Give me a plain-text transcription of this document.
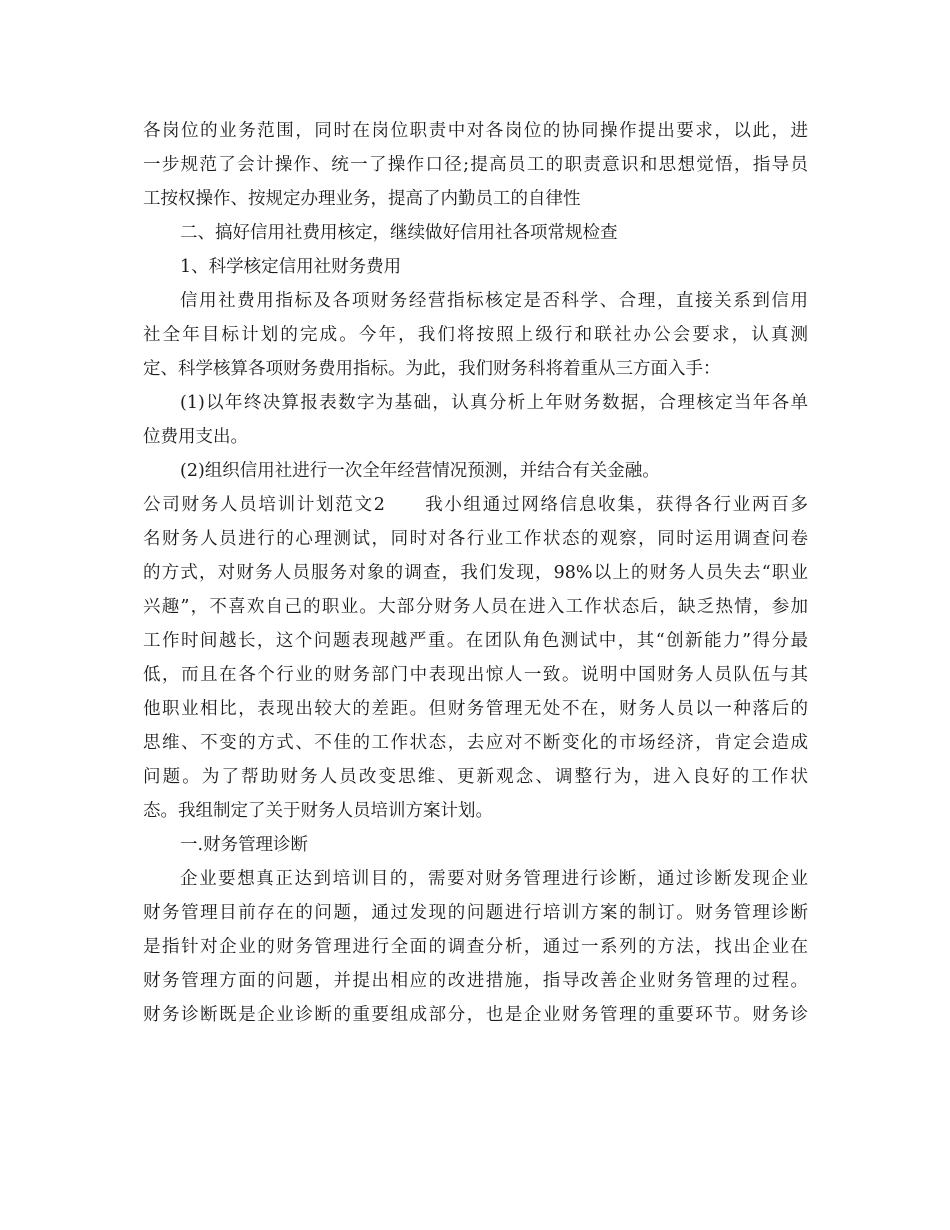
各岗位的业务范围，同时在岗位职责中对各岗位的协同操作提出要求，以此，进
一步规范了会计操作、统一了操作口径;提高员工的职责意识和思想觉悟，指导员
工按权操作、按规定办理业务，提高了内勤员工的自律性
二、搞好信用社费用核定，继续做好信用社各项常规检查
1、科学核定信用社财务费用
信用社费用指标及各项财务经营指标核定是否科学、合理，直接关系到信用
社全年目标计划的完成。今年，我们将按照上级行和联社办公会要求，认真测
定、科学核算各项财务费用指标。为此，我们财务科将着重从三方面入手：
(1)以年终决算报表数字为基础，认真分析上年财务数据，合理核定当年各单
位费用支出。
(2)组织信用社进行一次全年经营情况预测，并结合有关金融。
公司财务人员培训计划范文2　　我小组通过网络信息收集，获得各行业两百多
名财务人员进行的心理测试，同时对各行业工作状态的观察，同时运用调查问卷
的方式，对财务人员服务对象的调查，我们发现，98%以上的财务人员失去“职业
兴趣”，不喜欢自己的职业。大部分财务人员在进入工作状态后，缺乏热情，参加
工作时间越长，这个问题表现越严重。在团队角色测试中，其“创新能力”得分最
低，而且在各个行业的财务部门中表现出惊人一致。说明中国财务人员队伍与其
他职业相比，表现出较大的差距。但财务管理无处不在，财务人员以一种落后的
思维、不变的方式、不佳的工作状态，去应对不断变化的市场经济，肯定会造成
问题。为了帮助财务人员改变思维、更新观念、调整行为，进入良好的工作状
态。我组制定了关于财务人员培训方案计划。
一.财务管理诊断
企业要想真正达到培训目的，需要对财务管理进行诊断，通过诊断发现企业
财务管理目前存在的问题，通过发现的问题进行培训方案的制订。财务管理诊断
是指针对企业的财务管理进行全面的调查分析，通过一系列的方法，找出企业在
财务管理方面的问题，并提出相应的改进措施，指导改善企业财务管理的过程。
财务诊断既是企业诊断的重要组成部分，也是企业财务管理的重要环节。财务诊
